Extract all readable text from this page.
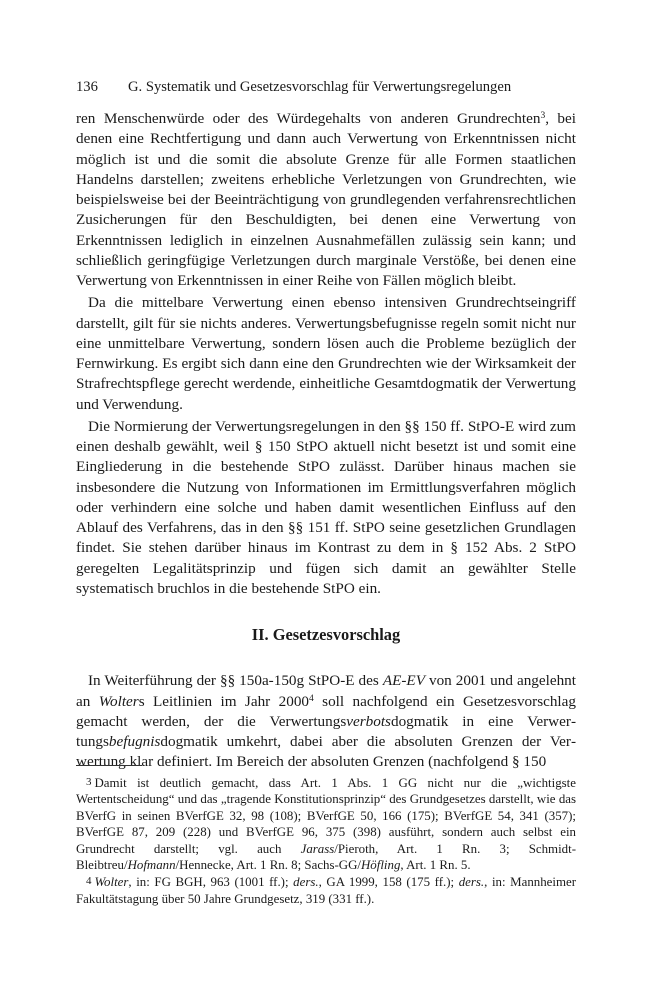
136 G. Systematik und Gesetzesvorschlag für Verwertungsregelungen

ren Menschenwürde oder des Würdegehalts von anderen Grundrechten$^3$, bei denen eine Rechtfertigung und dann auch Verwertung von Erkenntnissen nicht möglich ist und die somit die absolute Grenze für alle Formen staatlichen Handelns darstellen; zweitens erhebliche Verletzungen von Grundrechten, wie beispielsweise bei der Beeinträchtigung von grundlegenden verfahrensrechtlichen Zusicherungen für den Beschuldigten, bei denen eine Verwertung von Erkenntnissen lediglich in einzelnen Ausnahmefällen zulässig sein kann; und schließlich geringfügige Verletzungen durch marginale Verstöße, bei denen eine Verwertung von Erkenntnissen in einer Reihe von Fällen möglich bleibt.

Da die mittelbare Verwertung einen ebenso intensiven Grundrechtseingriff darstellt, gilt für sie nichts anderes. Verwertungsbefugnisse regeln somit nicht nur eine unmittelbare Verwertung, sondern lösen auch die Probleme bezüglich der Fernwirkung. Es ergibt sich dann eine den Grundrechten wie der Wirksamkeit der Strafrechtspflege gerecht werdende, einheitliche Gesamtdogmatik der Verwertung und Verwendung.

Die Normierung der Verwertungsregelungen in den §§ 150 ff. StPO-E wird zum einen deshalb gewählt, weil § 150 StPO aktuell nicht besetzt ist und somit eine Eingliederung in die bestehende StPO zulässt. Darüber hinaus machen sie insbesondere die Nutzung von Informationen im Ermittlungsverfahren möglich oder verhindern eine solche und haben damit wesentlichen Einfluss auf den Ablauf des Verfahrens, das in den §§ 151 ff. StPO seine gesetzlichen Grundlagen findet. Sie stehen darüber hinaus im Kontrast zu dem in § 152 Abs. 2 StPO geregelten Legalitätsprinzip und fügen sich damit an gewählter Stelle systematisch bruchlos in die bestehende StPO ein.

II. Gesetzesvorschlag

In Weiterführung der §§ 150a-150g StPO-E des AE-EV von 2001 und angelehnt an Wolters Leitlinien im Jahr 2000$^4$ soll nachfolgend ein Gesetzesvorschlag gemacht werden, der die Verwertungsverbotsdogmatik in eine Verwertungsbefugnisdogmatik umkehrt, dabei aber die absoluten Grenzen der Verwertung klar definiert. Im Bereich der absoluten Grenzen (nachfolgend § 150

3 Damit ist deutlich gemacht, dass Art. 1 Abs. 1 GG nicht nur die „wichtigste Wertentscheidung“ und das „tragende Konstitutionsprinzip“ des Grundgesetzes darstellt, wie das BVerfG in seinen BVerfGE 32, 98 (108); BVerfGE 50, 166 (175); BVerfGE 54, 341 (357); BVerfGE 87, 209 (228) und BVerfGE 96, 375 (398) ausführt, sondern auch selbst ein Grundrecht darstellt; vgl. auch Jarass/Pieroth, Art. 1 Rn. 3; Schmidt-Bleibtreu/Hofmann/Hennecke, Art. 1 Rn. 8; Sachs-GG/Höfling, Art. 1 Rn. 5.

4 Wolter, in: FG BGH, 963 (1001 ff.); ders., GA 1999, 158 (175 ff.); ders., in: Mannheimer Fakultätstagung über 50 Jahre Grundgesetz, 319 (331 ff.).
